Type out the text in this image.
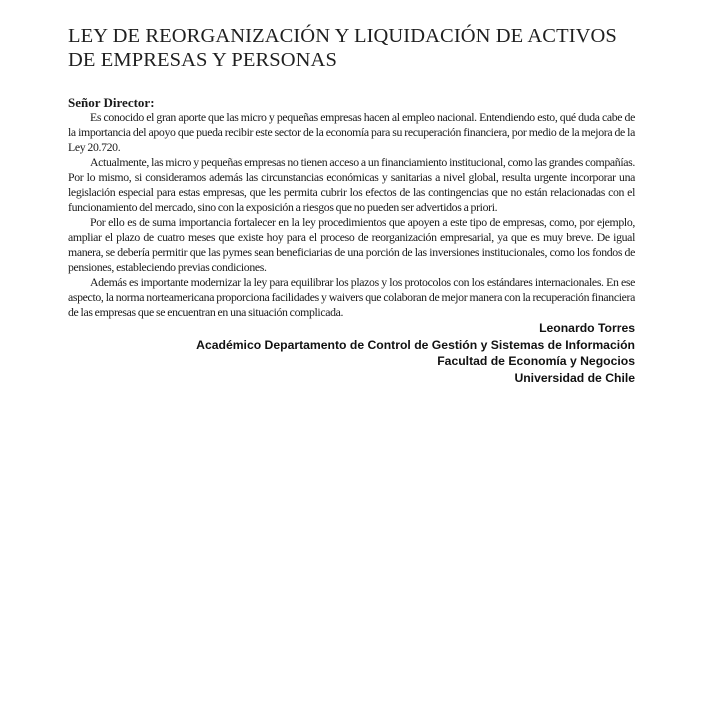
LEY DE REORGANIZACIÓN Y LIQUIDACIÓN DE ACTIVOS
DE EMPRESAS Y PERSONAS

Señor Director:

Es conocido el gran aporte que las micro y pequeñas empresas hacen al empleo nacional. Entendiendo esto, qué duda cabe de la importancia del apoyo que pueda recibir este sector de la economía para su recuperación financiera, por medio de la mejora de la Ley 20.720.

Actualmente, las micro y pequeñas empresas no tienen acceso a un financiamiento institucional, como las grandes compañías. Por lo mismo, si consideramos además las circunstancias económicas y sanitarias a nivel global, resulta urgente incorporar una legislación especial para estas empresas, que les permita cubrir los efectos de las contingencias que no están relacionadas con el funcionamiento del mercado, sino con la exposición a riesgos que no pueden ser advertidos a priori.

Por ello es de suma importancia fortalecer en la ley procedimientos que apoyen a este tipo de empresas, como, por ejemplo, ampliar el plazo de cuatro meses que existe hoy para el proceso de reorganización empresarial, ya que es muy breve. De igual manera, se debería permitir que las pymes sean beneficiarias de una porción de las inversiones institucionales, como los fondos de pensiones, estableciendo previas condiciones.

Además es importante modernizar la ley para equilibrar los plazos y los protocolos con los estándares internacionales. En ese aspecto, la norma norteamericana proporciona facilidades y waivers que colaboran de mejor manera con la recuperación financiera de las empresas que se encuentran en una situación complicada.

Leonardo Torres

Académico Departamento de Control de Gestión y Sistemas de Información

Facultad de Economía y Negocios

Universidad de Chile
